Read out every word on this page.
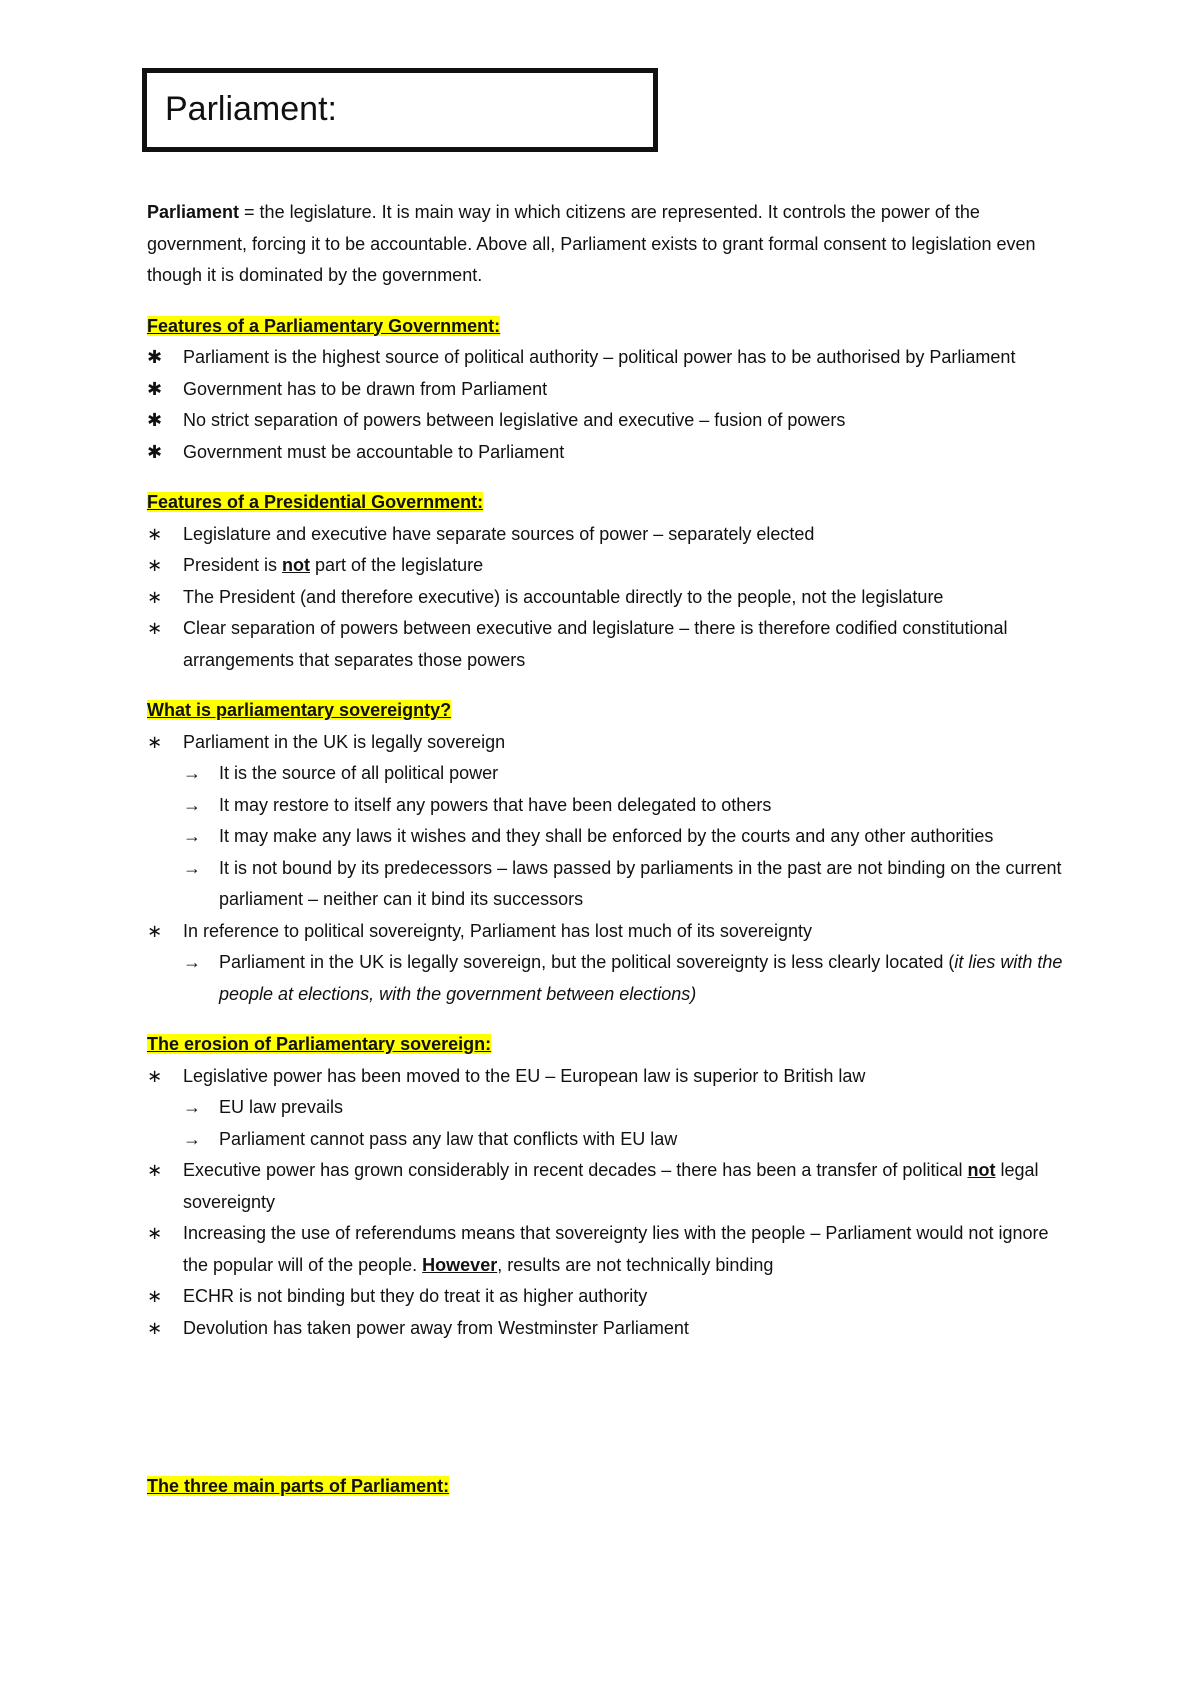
Parliament:

Parliament = the legislature. It is main way in which citizens are represented. It controls the power of the government, forcing it to be accountable. Above all, Parliament exists to grant formal consent to legislation even though it is dominated by the government.

Features of a Parliamentary Government:
✱ Parliament is the highest source of political authority – political power has to be authorised by Parliament
✱ Government has to be drawn from Parliament
✱ No strict separation of powers between legislative and executive – fusion of powers
✱ Government must be accountable to Parliament
Features of a Presidential Government:
∗ Legislature and executive have separate sources of power – separately elected
∗ President is not part of the legislature
∗ The President (and therefore executive) is accountable directly to the people, not the legislature
∗ Clear separation of powers between executive and legislature – there is therefore codified constitutional arrangements that separates those powers
What is parliamentary sovereignty?
∗ Parliament in the UK is legally sovereign
→ It is the source of all political power
→ It may restore to itself any powers that have been delegated to others
→ It may make any laws it wishes and they shall be enforced by the courts and any other authorities
→ It is not bound by its predecessors – laws passed by parliaments in the past are not binding on the current parliament – neither can it bind its successors
∗ In reference to political sovereignty, Parliament has lost much of its sovereignty
→ Parliament in the UK is legally sovereign, but the political sovereignty is less clearly located (it lies with the people at elections, with the government between elections)
The erosion of Parliamentary sovereign:
∗ Legislative power has been moved to the EU – European law is superior to British law
→ EU law prevails
→ Parliament cannot pass any law that conflicts with EU law
∗ Executive power has grown considerably in recent decades – there has been a transfer of political not legal sovereignty
∗ Increasing the use of referendums means that sovereignty lies with the people – Parliament would not ignore the popular will of the people. However, results are not technically binding
∗ ECHR is not binding but they do treat it as higher authority
∗ Devolution has taken power away from Westminster Parliament
The three main parts of Parliament:
